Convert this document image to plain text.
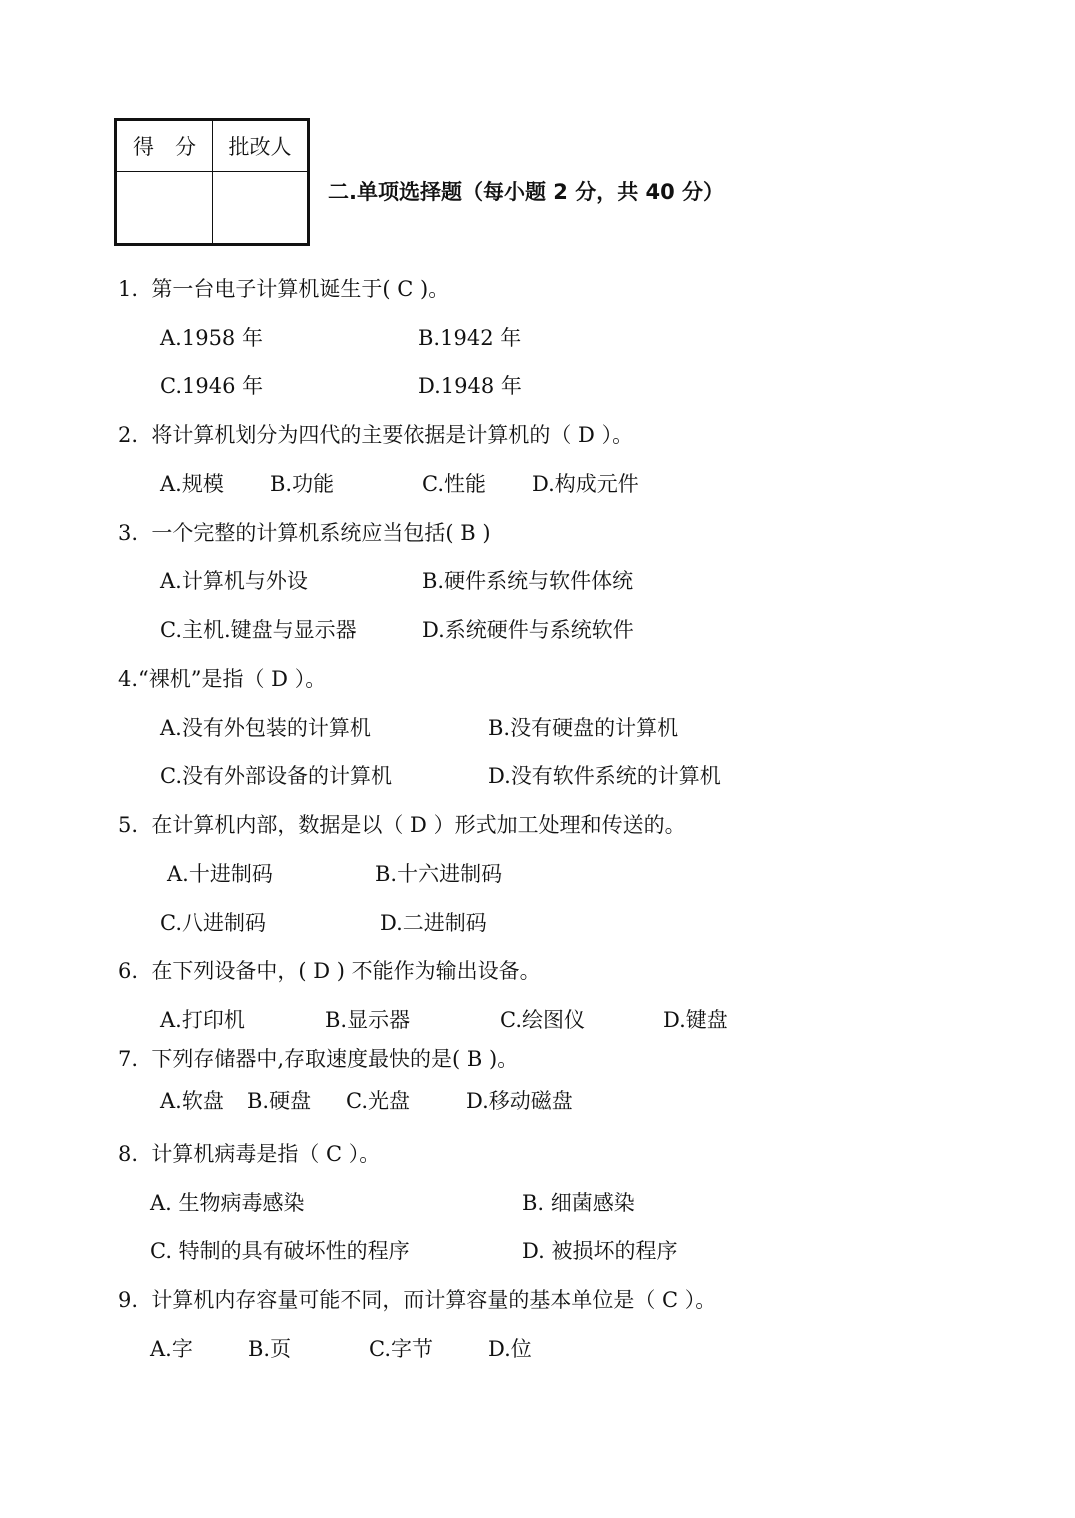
得　分	批改人

二.单项选择题（每小题 2 分，共 40 分）
1.  第一台电子计算机诞生于( C )。
A.1958 年	B.1942 年
C.1946 年	D.1948 年
2.  将计算机划分为四代的主要依据是计算机的（ D ）。
A.规模 B.功能	C.性能 D.构成元件
3.  一个完整的计算机系统应当包括( B )
A.计算机与外设	B.硬件系统与软件体统
C.主机.键盘与显示器	D.系统硬件与系统软件
4.“裸机”是指（ D ）。
A.没有外包装的计算机	B.没有硬盘的计算机
C.没有外部设备的计算机	D.没有软件系统的计算机
5.  在计算机内部，数据是以（ D ）形式加工处理和传送的。
A.十进制码	B.十六进制码
C.八进制码	D.二进制码
6.  在下列设备中，( D ) 不能作为输出设备。
A.打印机	B.显示器	C.绘图仪	D.键盘
7.  下列存储器中,存取速度最快的是( B )。
A.软盘 B.硬盘 C.光盘	D.移动磁盘
8.  计算机病毒是指（ C ）。
A. 生物病毒感染	B. 细菌感染
C. 特制的具有破坏性的程序	D. 被损坏的程序
9.  计算机内存容量可能不同，而计算容量的基本单位是（ C ）。
A.字	B.页	C.字节	D.位
